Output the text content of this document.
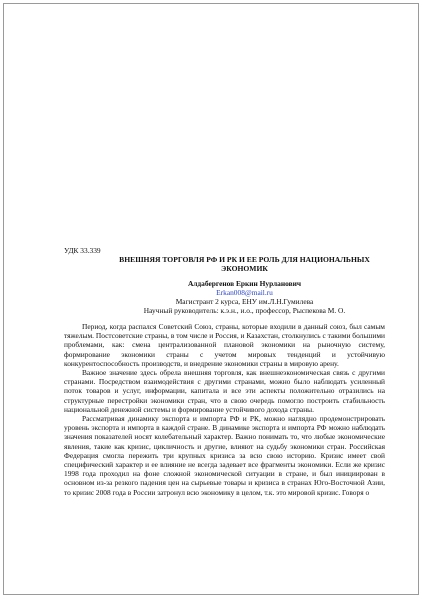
УДК 33.339

ВНЕШНЯЯ ТОРГОВЛЯ РФ И РК И ЕЕ РОЛЬ ДЛЯ НАЦИОНАЛЬНЫХ
ЭКОНОМИК
Алдабергенов Еркин Нурланович
Erkan008@mail.ru
Магистрант 2 курса, ЕНУ им.Л.Н.Гумилева
Научный руководитель: к.э.н., и.о., профессор, Рыспекова М. О.

Период, когда распался Советский Союз, страны, которые входили в данный союз, был самым тяжелым. Постсоветские страны, в том числе и Россия, и Казахстан, столкнулись с такими большими проблемами, как: смена централизованной плановой экономики на рыночную систему, формирование экономики страны с учетом мировых тенденций и устойчивую конкурентоспособность производств, и внедрение экономики страны в мировую арену.

Важное значение здесь обрела внешняя торговля, как внешнеэкономическая связь с другими странами. Посредством взаимодействия с другими странами, можно было наблюдать усиленный поток товаров и услуг, информации, капитала и все эти аспекты положительно отразились на структурные перестройки экономики стран, что в свою очередь помогло построить стабильность национальной денежной системы и формирование устойчивого дохода страны.

Рассматривая динамику экспорта и импорта РФ и РК, можно наглядно продемонстрировать уровень экспорта и импорта в каждой стране. В динамике экспорта и импорта РФ можно наблюдать значения показателей носят колебательный характер. Важно понимать то, что любые экономические явления, такие как кризис, цикличность и другие, влияют на судьбу экономики стран. Российская Федерация смогла пережить три крупных кризиса за всю свою историю. Кризис имеет свой специфический характер и ее влияние не всегда задевает все фрагменты экономики. Если же кризис 1998 года проходил на фоне сложной экономической ситуации в стране, и был инициирован в основном из-за резкого падения цен на сырьевые товары и кризиса в странах Юго-Восточной Азии, то кризис 2008 года в России затронул всю экономику в целом, т.к. это мировой кризис. Говоря о
